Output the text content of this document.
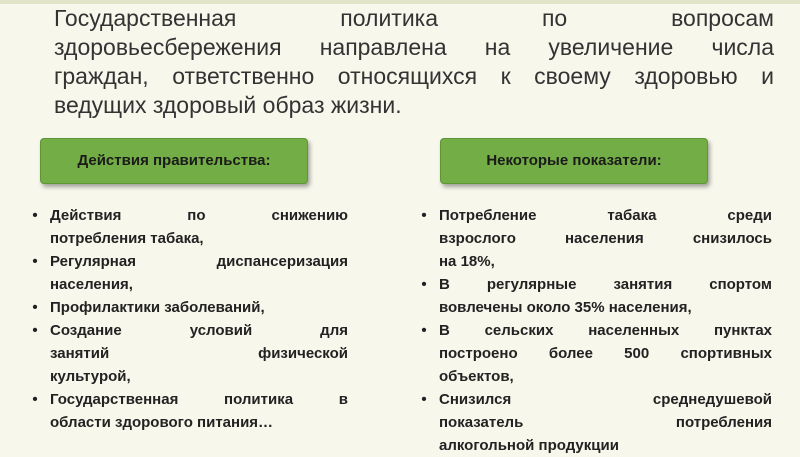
Государственная политика по вопросам
здоровьесбережения направлена на увеличение числа
граждан, ответственно относящихся к своему здоровью и
ведущих здоровый образ жизни.

Действия правительства:	Некоторые показатели:
• Действия по снижению
потребления табака,
• Регулярная диспансеризация
населения,
• Профилактики заболеваний,
• Создание условий для
занятий физической
культурой,
• Государственная политика в
области здорового питания…
• Потребление табака среди
взрослого населения снизилось
на 18%,
• В регулярные занятия спортом
вовлечены около 35% населения,
• В сельских населенных пунктах
построено более 500 спортивных
объектов,
• Снизился среднедушевой
показатель потребления
алкогольной продукции
